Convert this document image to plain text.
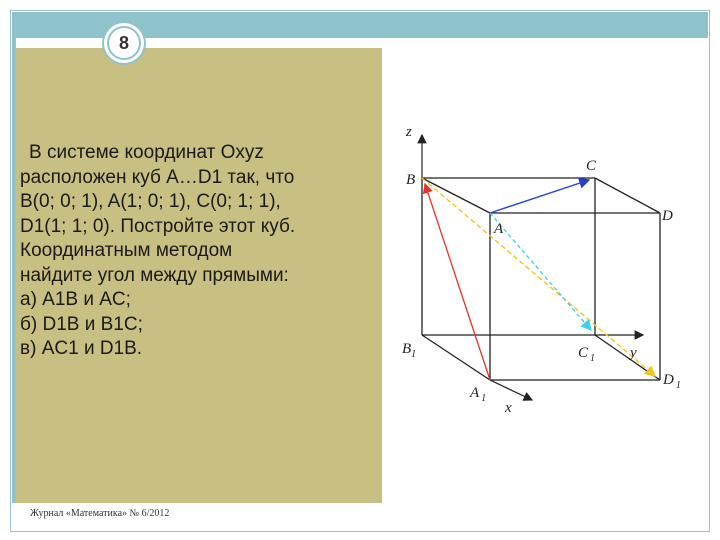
8
В системе координат Oxyz
расположен куб A…D1 так, что
B(0; 0; 1), A(1; 0; 1), C(0; 1; 1),
D1(1; 1; 0). Постройте этот куб.
Координатным методом
найдите угол между прямыми:
а) A1B и AC;
б) D1B и B1C;
в) AC1 и D1B.
Журнал «Математика» № 6/2012
z
y
x
B
C
A
D
$B_1$	C $_1$
A $_1$
D $_1$
